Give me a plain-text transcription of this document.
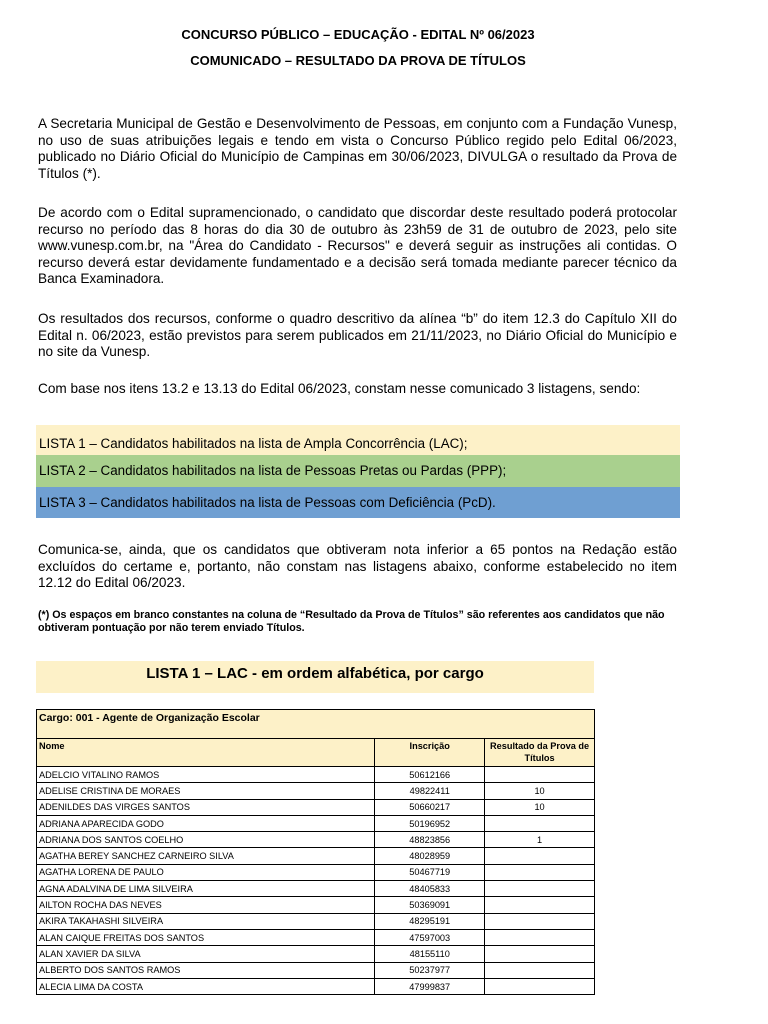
CONCURSO PÚBLICO – EDUCAÇÃO - EDITAL Nº 06/2023
COMUNICADO – RESULTADO DA PROVA DE TÍTULOS
A Secretaria Municipal de Gestão e Desenvolvimento de Pessoas, em conjunto com a Fundação Vunesp, no uso de suas atribuições legais e tendo em vista o Concurso Público regido pelo Edital 06/2023, publicado no Diário Oficial do Município de Campinas em 30/06/2023, DIVULGA o resultado da Prova de Títulos (*).
De acordo com o Edital supramencionado, o candidato que discordar deste resultado poderá protocolar recurso no período das 8 horas do dia 30 de outubro às 23h59 de 31 de outubro de 2023, pelo site www.vunesp.com.br, na "Área do Candidato - Recursos" e deverá seguir as instruções ali contidas. O recurso deverá estar devidamente fundamentado e a decisão será tomada mediante parecer técnico da Banca Examinadora.
Os resultados dos recursos, conforme o quadro descritivo da alínea “b” do item 12.3 do Capítulo XII do Edital n. 06/2023, estão previstos para serem publicados em 21/11/2023, no Diário Oficial do Município e no site da Vunesp.
Com base nos itens 13.2 e 13.13 do Edital 06/2023, constam nesse comunicado 3 listagens, sendo:
LISTA 1 – Candidatos habilitados na lista de Ampla Concorrência (LAC);
LISTA 2 – Candidatos habilitados na lista de Pessoas Pretas ou Pardas (PPP);
LISTA 3 – Candidatos habilitados na lista de Pessoas com Deficiência (PcD).
Comunica-se, ainda, que os candidatos que obtiveram nota inferior a 65 pontos na Redação estão excluídos do certame e, portanto, não constam nas listagens abaixo, conforme estabelecido no item 12.12 do Edital 06/2023.
(*) Os espaços em branco constantes na coluna de “Resultado da Prova de Títulos” são referentes aos candidatos que não obtiveram pontuação por não terem enviado Títulos.
LISTA 1 – LAC - em ordem alfabética, por cargo
Cargo: 001 - Agente de Organização Escolar		
Nome	Inscrição	Resultado da Prova de Títulos
ADELCIO VITALINO RAMOS	50612166	
ADELISE CRISTINA DE MORAES	49822411	10
ADENILDES DAS VIRGES SANTOS	50660217	10
ADRIANA APARECIDA GODO	50196952	
ADRIANA DOS SANTOS COELHO	48823856	1
AGATHA BEREY SANCHEZ CARNEIRO SILVA	48028959	
AGATHA LORENA DE PAULO	50467719	
AGNA ADALVINA DE LIMA SILVEIRA	48405833	
AILTON ROCHA DAS NEVES	50369091	
AKIRA TAKAHASHI SILVEIRA	48295191	
ALAN CAIQUE FREITAS DOS SANTOS	47597003	
ALAN XAVIER DA SILVA	48155110	
ALBERTO DOS SANTOS RAMOS	50237977	
ALECIA LIMA DA COSTA	47999837	
